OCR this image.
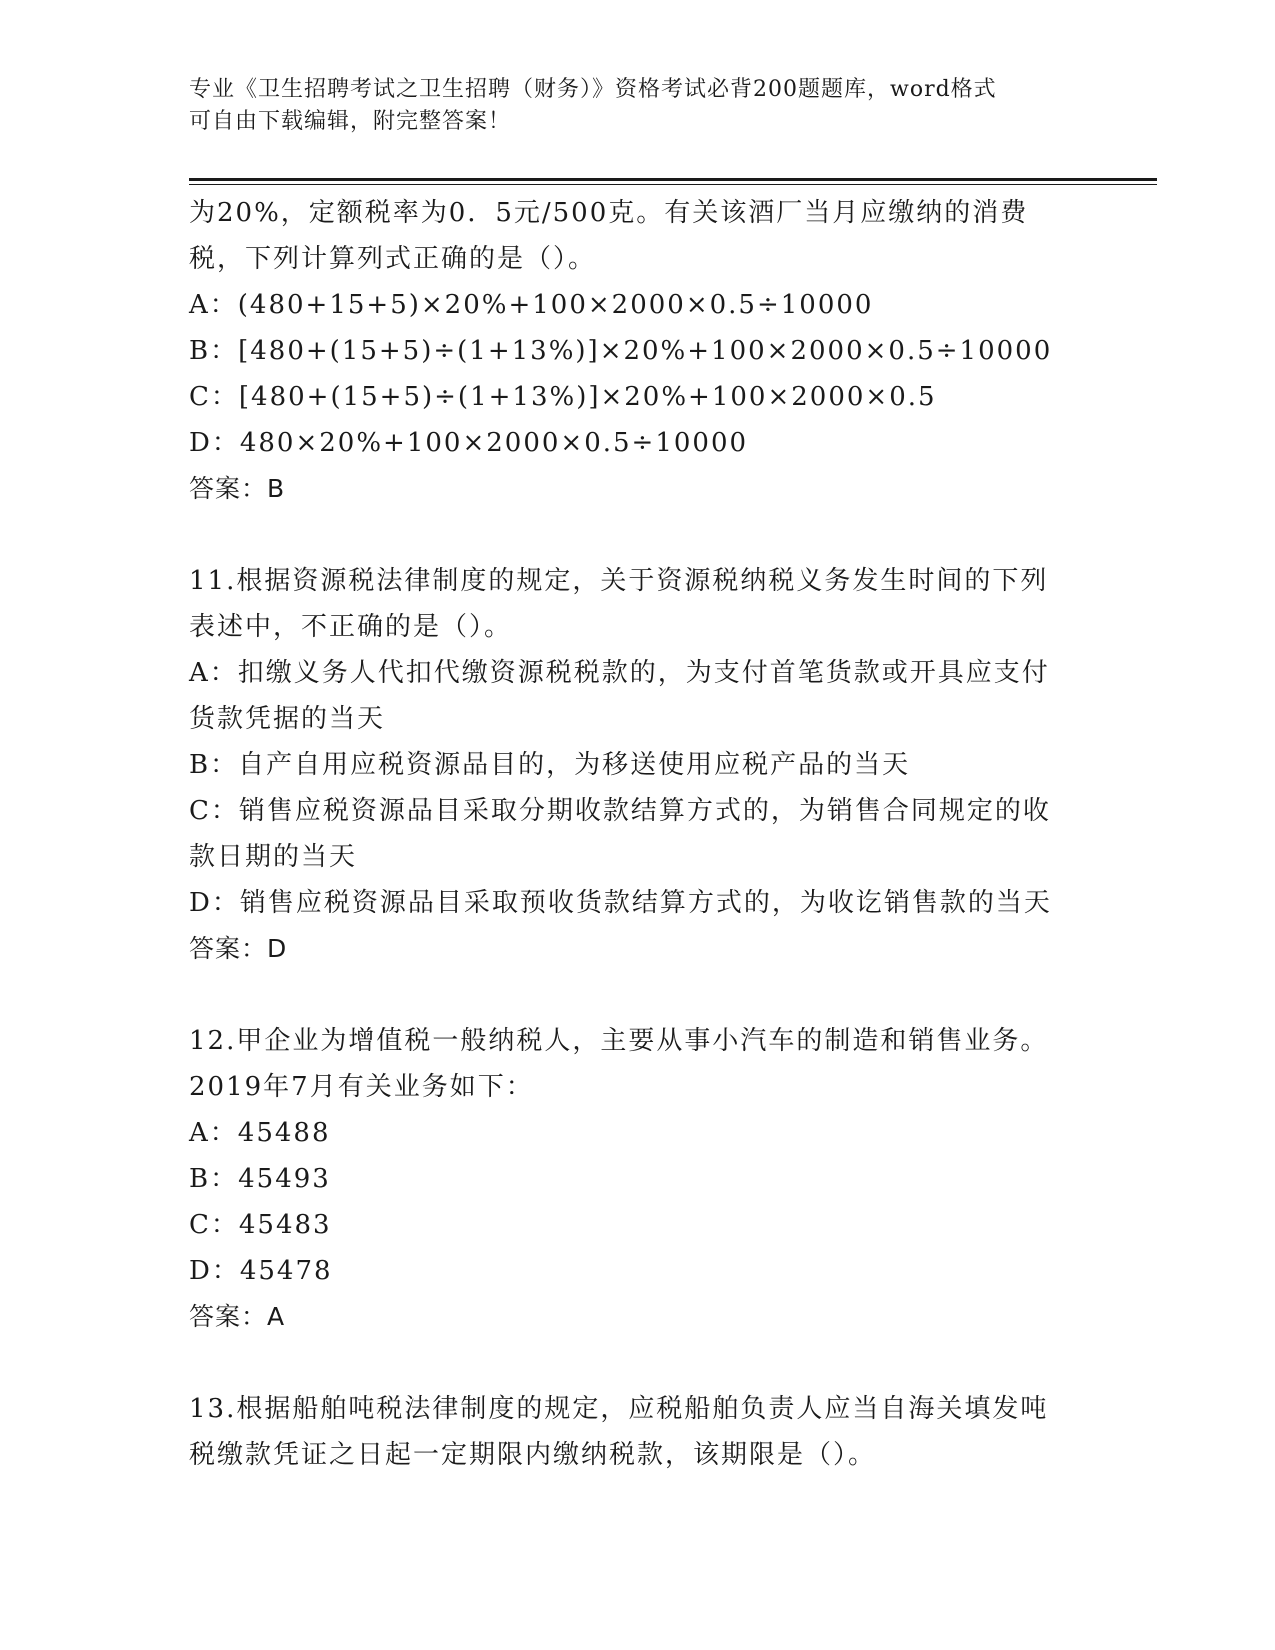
专业《卫生招聘考试之卫生招聘（财务）》资格考试必背200题题库，word格式
可自由下载编辑，附完整答案！
为20%，定额税率为0．5元/500克。有关该酒厂当月应缴纳的消费
税，下列计算列式正确的是（）。
A：(480+15+5)×20%+100×2000×0.5÷10000
B：[480+(15+5)÷(1+13%)]×20%+100×2000×0.5÷10000
C：[480+(15+5)÷(1+13%)]×20%+100×2000×0.5
D：480×20%+100×2000×0.5÷10000
答案：B
11.根据资源税法律制度的规定，关于资源税纳税义务发生时间的下列
表述中，不正确的是（）。
A：扣缴义务人代扣代缴资源税税款的，为支付首笔货款或开具应支付
货款凭据的当天
B：自产自用应税资源品目的，为移送使用应税产品的当天
C：销售应税资源品目采取分期收款结算方式的，为销售合同规定的收
款日期的当天
D：销售应税资源品目采取预收货款结算方式的，为收讫销售款的当天
答案：D
12.甲企业为增值税一般纳税人，主要从事小汽车的制造和销售业务。
2019年7月有关业务如下：
A：45488
B：45493
C：45483
D：45478
答案：A
13.根据船舶吨税法律制度的规定，应税船舶负责人应当自海关填发吨
税缴款凭证之日起一定期限内缴纳税款，该期限是（）。
